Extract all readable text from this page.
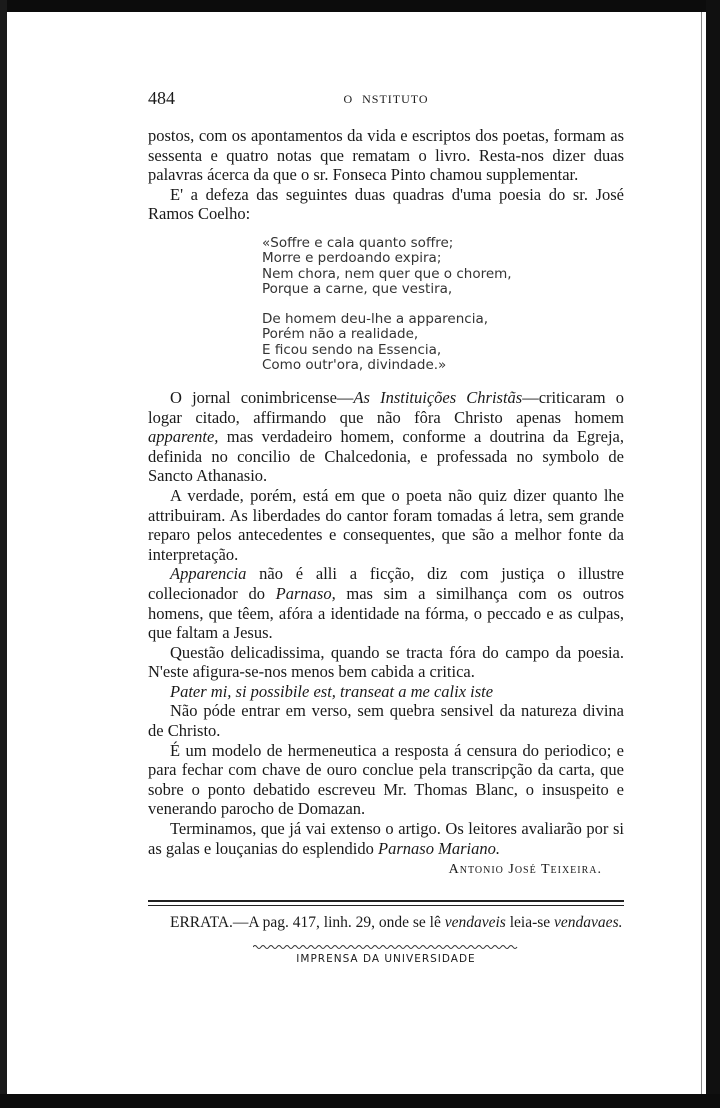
484	O  NSTITUTO

postos, com os apontamentos da vida e escriptos dos poetas, formam as sessenta e quatro notas que rematam o livro. Resta-nos dizer duas palavras ácerca da que o sr. Fonseca Pinto chamou supplementar.

E' a defeza das seguintes duas quadras d'uma poesia do sr. José Ramos Coelho:

«Soffre e cala quanto soffre;
Morre e perdoando expira;
Nem chora, nem quer que o chorem,
Porque a carne, que vestira,
De homem deu-lhe a apparencia,
Porém não a realidade,
E ficou sendo na Essencia,
Como outr'ora, divindade.»

O jornal conimbricense—As Instituições Christãs—criticaram o logar citado, affirmando que não fôra Christo apenas homem apparente, mas verdadeiro homem, conforme a doutrina da Egreja, definida no concilio de Chalcedonia, e professada no symbolo de Sancto Athanasio.

A verdade, porém, está em que o poeta não quiz dizer quanto lhe attribuiram. As liberdades do cantor foram tomadas á letra, sem grande reparo pelos antecedentes e consequentes, que são a melhor fonte da interpretação.

Apparencia não é alli a ficção, diz com justiça o illustre collecionador do Parnaso, mas sim a similhança com os outros homens, que têem, afóra a identidade na fórma, o peccado e as culpas, que faltam a Jesus.

Questão delicadissima, quando se tracta fóra do campo da poesia. N'este afigura-se-nos menos bem cabida a critica.

Pater mi, si possibile est, transeat a me calix iste

Não póde entrar em verso, sem quebra sensivel da natureza divina de Christo.

É um modelo de hermeneutica a resposta á censura do periodico; e para fechar com chave de ouro conclue pela transcripção da carta, que sobre o ponto debatido escreveu Mr. Thomas Blanc, o insuspeito e venerando parocho de Domazan.

Terminamos, que já vai extenso o artigo. Os leitores avaliarão por si as galas e louçanias do esplendido Parnaso Mariano.

Antonio José Teixeira.
ERRATA.—A pag. 417, linh. 29, onde se lê vendaveis leia-se vendavaes.
IMPRENSA DA UNIVERSIDADE
